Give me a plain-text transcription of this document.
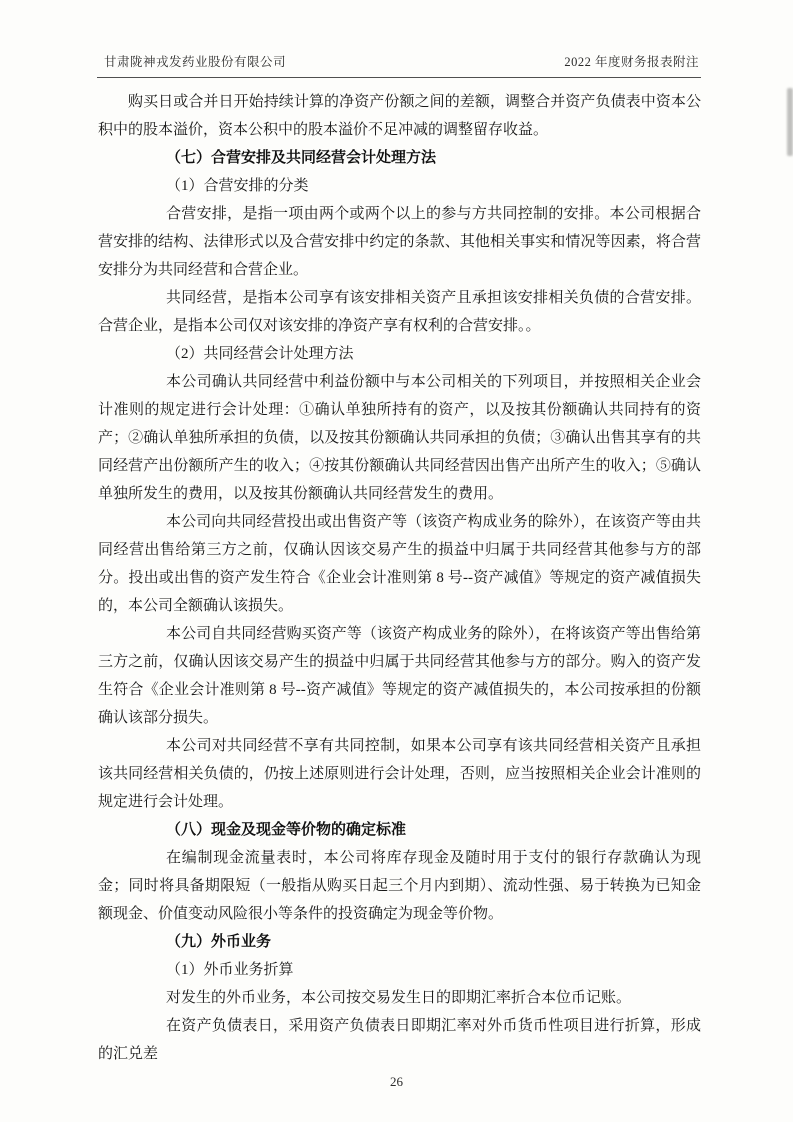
甘肃陇神戎发药业股份有限公司	2022 年度财务报表附注

购买日或合并日开始持续计算的净资产份额之间的差额，调整合并资产负债表中资本公积中的股本溢价，资本公积中的股本溢价不足冲减的调整留存收益。

（七）合营安排及共同经营会计处理方法

（1）合营安排的分类

合营安排，是指一项由两个或两个以上的参与方共同控制的安排。本公司根据合营安排的结构、法律形式以及合营安排中约定的条款、其他相关事实和情况等因素，将合营安排分为共同经营和合营企业。

共同经营，是指本公司享有该安排相关资产且承担该安排相关负债的合营安排。合营企业，是指本公司仅对该安排的净资产享有权利的合营安排。。

（2）共同经营会计处理方法

本公司确认共同经营中利益份额中与本公司相关的下列项目，并按照相关企业会计准则的规定进行会计处理：①确认单独所持有的资产，以及按其份额确认共同持有的资产；②确认单独所承担的负债，以及按其份额确认共同承担的负债；③确认出售其享有的共同经营产出份额所产生的收入；④按其份额确认共同经营因出售产出所产生的收入；⑤确认单独所发生的费用，以及按其份额确认共同经营发生的费用。

本公司向共同经营投出或出售资产等（该资产构成业务的除外），在该资产等由共同经营出售给第三方之前，仅确认因该交易产生的损益中归属于共同经营其他参与方的部分。投出或出售的资产发生符合《企业会计准则第 8 号--资产减值》等规定的资产减值损失的，本公司全额确认该损失。

本公司自共同经营购买资产等（该资产构成业务的除外），在将该资产等出售给第三方之前，仅确认因该交易产生的损益中归属于共同经营其他参与方的部分。购入的资产发生符合《企业会计准则第 8 号--资产减值》等规定的资产减值损失的，本公司按承担的份额确认该部分损失。

本公司对共同经营不享有共同控制，如果本公司享有该共同经营相关资产且承担该共同经营相关负债的，仍按上述原则进行会计处理，否则，应当按照相关企业会计准则的规定进行会计处理。

（八）现金及现金等价物的确定标准

在编制现金流量表时，本公司将库存现金及随时用于支付的银行存款确认为现金；同时将具备期限短（一般指从购买日起三个月内到期）、流动性强、易于转换为已知金额现金、价值变动风险很小等条件的投资确定为现金等价物。

（九）外币业务

（1）外币业务折算

对发生的外币业务，本公司按交易发生日的即期汇率折合本位币记账。

在资产负债表日，采用资产负债表日即期汇率对外币货币性项目进行折算，形成的汇兑差

26
